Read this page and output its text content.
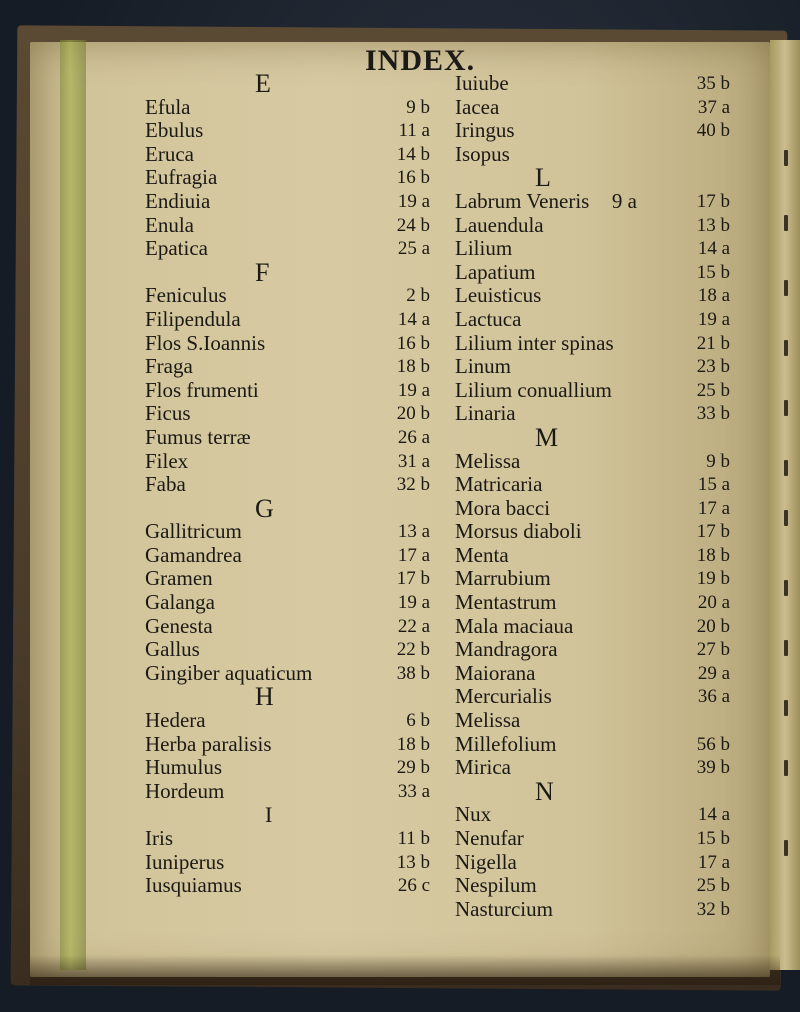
INDEX.
E
Efula	9 b
Ebulus	11 a
Eruca	14 b
Eufragia	16 b
Endiuia	19 a
Enula	24 b
Epatica	25 a
F
Feniculus	2 b
Filipendula	14 a
Flos S.Ioannis	16 b
Fraga	18 b
Flos frumenti	19 a
Ficus	20 b
Fumus terræ	26 a
Filex	31 a
Faba	32 b
G
Gallitricum	13 a
Gamandrea	17 a
Gramen	17 b
Galanga	19 a
Genesta	22 a
Gallus	22 b
Gingiber aquaticum	38 b
H
Hedera	6 b
Herba paralisis	18 b
Humulus	29 b
Hordeum	33 a
I
Iris	11 b
Iuniperus	13 b
Iusquiamus	26 c
Iuiube	35 b
Iacea	37 a
Iringus	40 b
Isopus
L
Labrum Veneris 9 a	17 b
Lauendula	13 b
Lilium	14 a
Lapatium	15 b
Leuisticus	18 a
Lactuca	19 a
Lilium inter spinas	21 b
Linum	23 b
Lilium conuallium	25 b
Linaria	33 b
M
Melissa	9 b
Matricaria	15 a
Mora bacci	17 a
Morsus diaboli	17 b
Menta	18 b
Marrubium	19 b
Mentastrum	20 a
Mala maciaua	20 b
Mandragora	27 b
Maiorana	29 a
Mercurialis	36 a
Melissa
Millefolium	56 b
Mirica	39 b
N
Nux	14 a
Nenufar	15 b
Nigella	17 a
Nespilum	25 b
Nasturcium	32 b
